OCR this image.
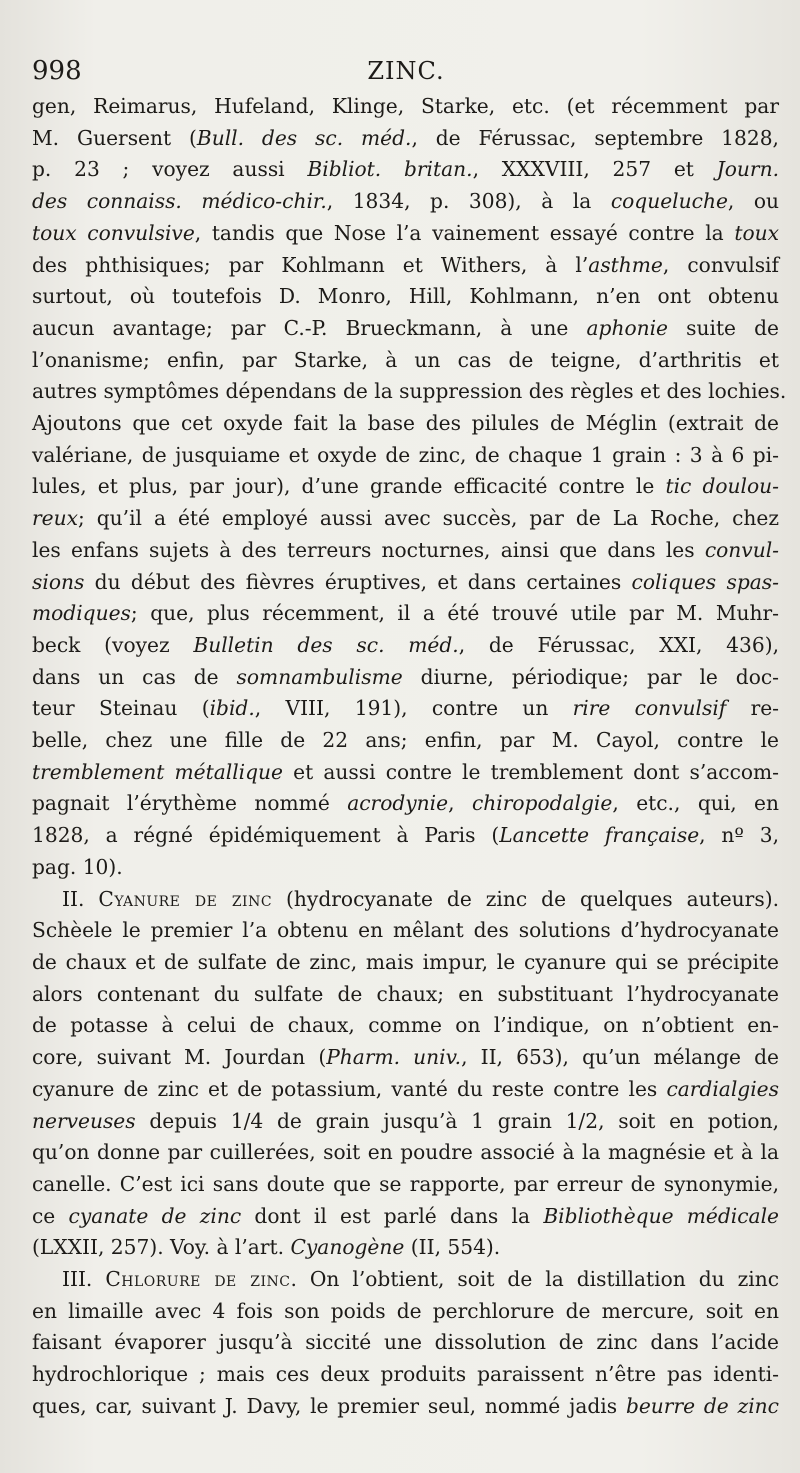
998	ZINC.
gen, Reimarus, Hufeland, Klinge, Starke, etc. (et récemment par
M. Guersent (Bull. des sc. méd., de Férussac, septembre 1828,
p. 23 ; voyez aussi Bibliot. britan., XXXVIII, 257 et Journ.
des connaiss. médico-chir., 1834, p. 308), à la coqueluche, ou
toux convulsive, tandis que Nose l’a vainement essayé contre la toux
des phthisiques; par Kohlmann et Withers, à l’asthme, convulsif
surtout, où toutefois D. Monro, Hill, Kohlmann, n’en ont obtenu
aucun avantage; par C.-P. Brueckmann, à une aphonie suite de
l’onanisme; enfin, par Starke, à un cas de teigne, d’arthritis et
autres symptômes dépendans de la suppression des règles et des lochies.
Ajoutons que cet oxyde fait la base des pilules de Méglin (extrait de
valériane, de jusquiame et oxyde de zinc, de chaque 1 grain : 3 à 6 pi-
lules, et plus, par jour), d’une grande efficacité contre le tic doulou-
reux; qu’il a été employé aussi avec succès, par de La Roche, chez
les enfans sujets à des terreurs nocturnes, ainsi que dans les convul-
sions du début des fièvres éruptives, et dans certaines coliques spas-
modiques; que, plus récemment, il a été trouvé utile par M. Muhr-
beck (voyez Bulletin des sc. méd., de Férussac, XXI, 436),
dans un cas de somnambulisme diurne, périodique; par le doc-
teur Steinau (ibid., VIII, 191), contre un rire convulsif re-
belle, chez une fille de 22 ans; enfin, par M. Cayol, contre le
tremblement métallique et aussi contre le tremblement dont s’accom-
pagnait l’érythème nommé acrodynie, chiropodalgie, etc., qui, en
1828, a régné épidémiquement à Paris (Lancette française, nº 3,
pag. 10).
II. Cyanure de zinc (hydrocyanate de zinc de quelques auteurs).
Schèele le premier l’a obtenu en mêlant des solutions d’hydrocyanate
de chaux et de sulfate de zinc, mais impur, le cyanure qui se précipite
alors contenant du sulfate de chaux; en substituant l’hydrocyanate
de potasse à celui de chaux, comme on l’indique, on n’obtient en-
core, suivant M. Jourdan (Pharm. univ., II, 653), qu’un mélange de
cyanure de zinc et de potassium, vanté du reste contre les cardialgies
nerveuses depuis 1/4 de grain jusqu’à 1 grain 1/2, soit en potion,
qu’on donne par cuillerées, soit en poudre associé à la magnésie et à la
canelle. C’est ici sans doute que se rapporte, par erreur de synonymie,
ce cyanate de zinc dont il est parlé dans la Bibliothèque médicale
(LXXII, 257). Voy. à l’art. Cyanogène (II, 554).
III. Chlorure de zinc. On l’obtient, soit de la distillation du zinc
en limaille avec 4 fois son poids de perchlorure de mercure, soit en
faisant évaporer jusqu’à siccité une dissolution de zinc dans l’acide
hydrochlorique ; mais ces deux produits paraissent n’être pas identi-
ques, car, suivant J. Davy, le premier seul, nommé jadis beurre de zinc
